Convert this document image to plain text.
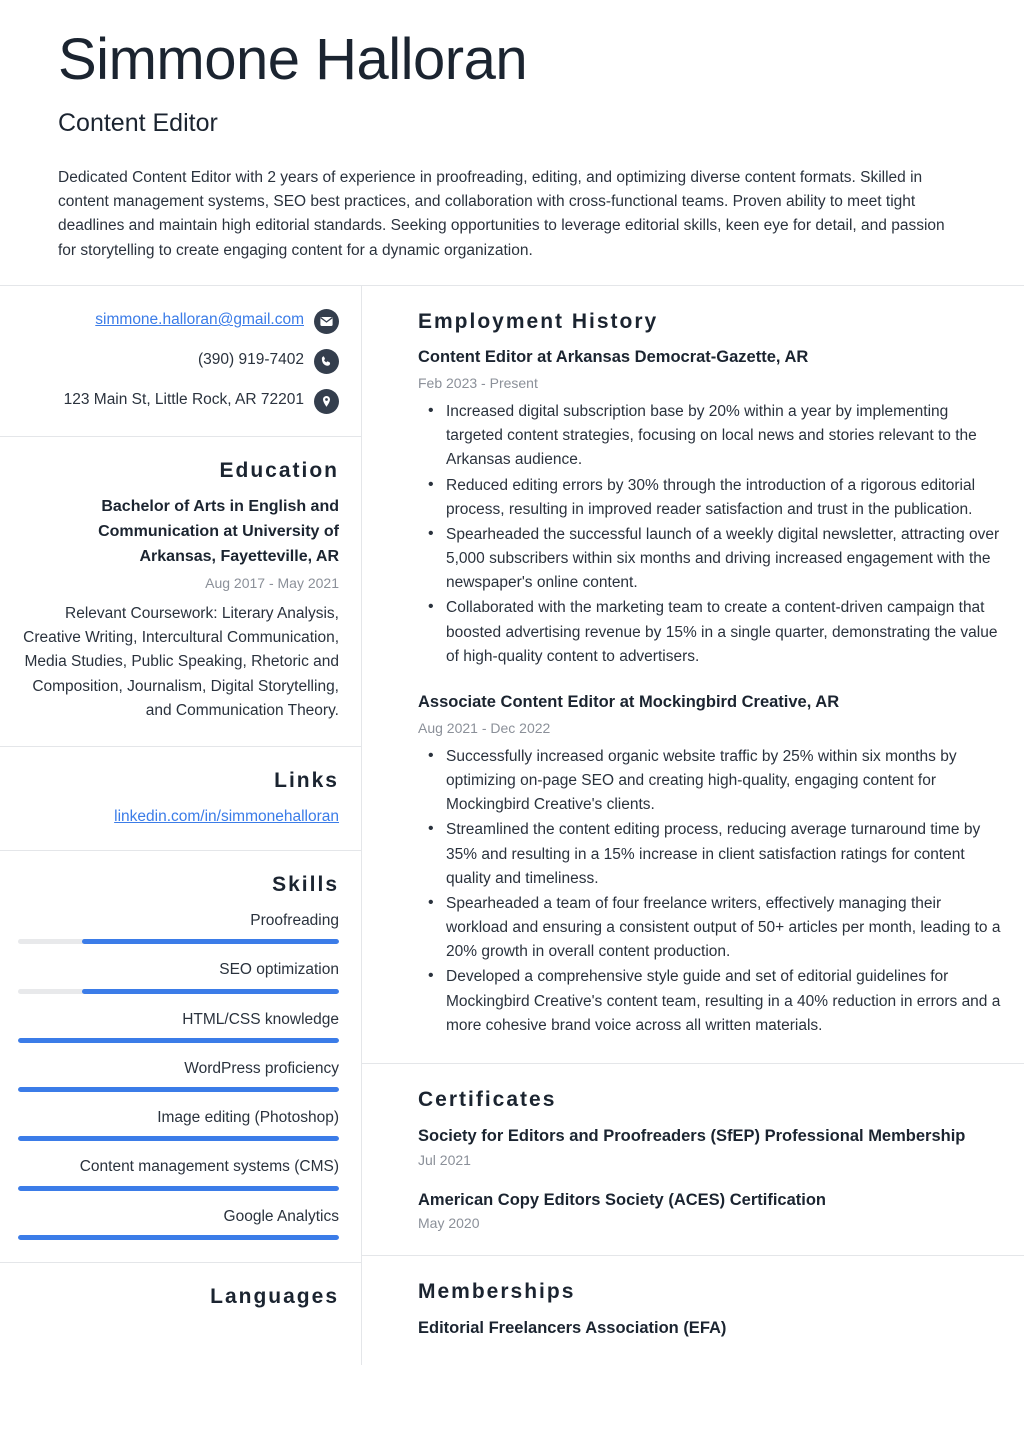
Simmone Halloran
Content Editor

Dedicated Content Editor with 2 years of experience in proofreading, editing, and optimizing diverse content formats. Skilled in content management systems, SEO best practices, and collaboration with cross-functional teams. Proven ability to meet tight deadlines and maintain high editorial standards. Seeking opportunities to leverage editorial skills, keen eye for detail, and passion for storytelling to create engaging content for a dynamic organization.

simmone.halloran@gmail.com
(390) 919-7402
123 Main St, Little Rock, AR 72201
Education
Bachelor of Arts in English and Communication at University of Arkansas, Fayetteville, AR
Aug 2017 - May 2021
Relevant Coursework: Literary Analysis, Creative Writing, Intercultural Communication, Media Studies, Public Speaking, Rhetoric and Composition, Journalism, Digital Storytelling, and Communication Theory.
Links
linkedin.com/in/simmonehalloran
Skills
Proofreading
SEO optimization
HTML/CSS knowledge
WordPress proficiency
Image editing (Photoshop)
Content management systems (CMS)
Google Analytics
Languages
Employment History
Content Editor at Arkansas Democrat-Gazette, AR
Feb 2023 - Present
• Increased digital subscription base by 20% within a year by implementing targeted content strategies, focusing on local news and stories relevant to the Arkansas audience.
• Reduced editing errors by 30% through the introduction of a rigorous editorial process, resulting in improved reader satisfaction and trust in the publication.
• Spearheaded the successful launch of a weekly digital newsletter, attracting over 5,000 subscribers within six months and driving increased engagement with the newspaper's online content.
• Collaborated with the marketing team to create a content-driven campaign that boosted advertising revenue by 15% in a single quarter, demonstrating the value of high-quality content to advertisers.
Associate Content Editor at Mockingbird Creative, AR
Aug 2021 - Dec 2022
• Successfully increased organic website traffic by 25% within six months by optimizing on-page SEO and creating high-quality, engaging content for Mockingbird Creative's clients.
• Streamlined the content editing process, reducing average turnaround time by 35% and resulting in a 15% increase in client satisfaction ratings for content quality and timeliness.
• Spearheaded a team of four freelance writers, effectively managing their workload and ensuring a consistent output of 50+ articles per month, leading to a 20% growth in overall content production.
• Developed a comprehensive style guide and set of editorial guidelines for Mockingbird Creative's content team, resulting in a 40% reduction in errors and a more cohesive brand voice across all written materials.
Certificates
Society for Editors and Proofreaders (SfEP) Professional Membership
Jul 2021
American Copy Editors Society (ACES) Certification
May 2020
Memberships
Editorial Freelancers Association (EFA)
